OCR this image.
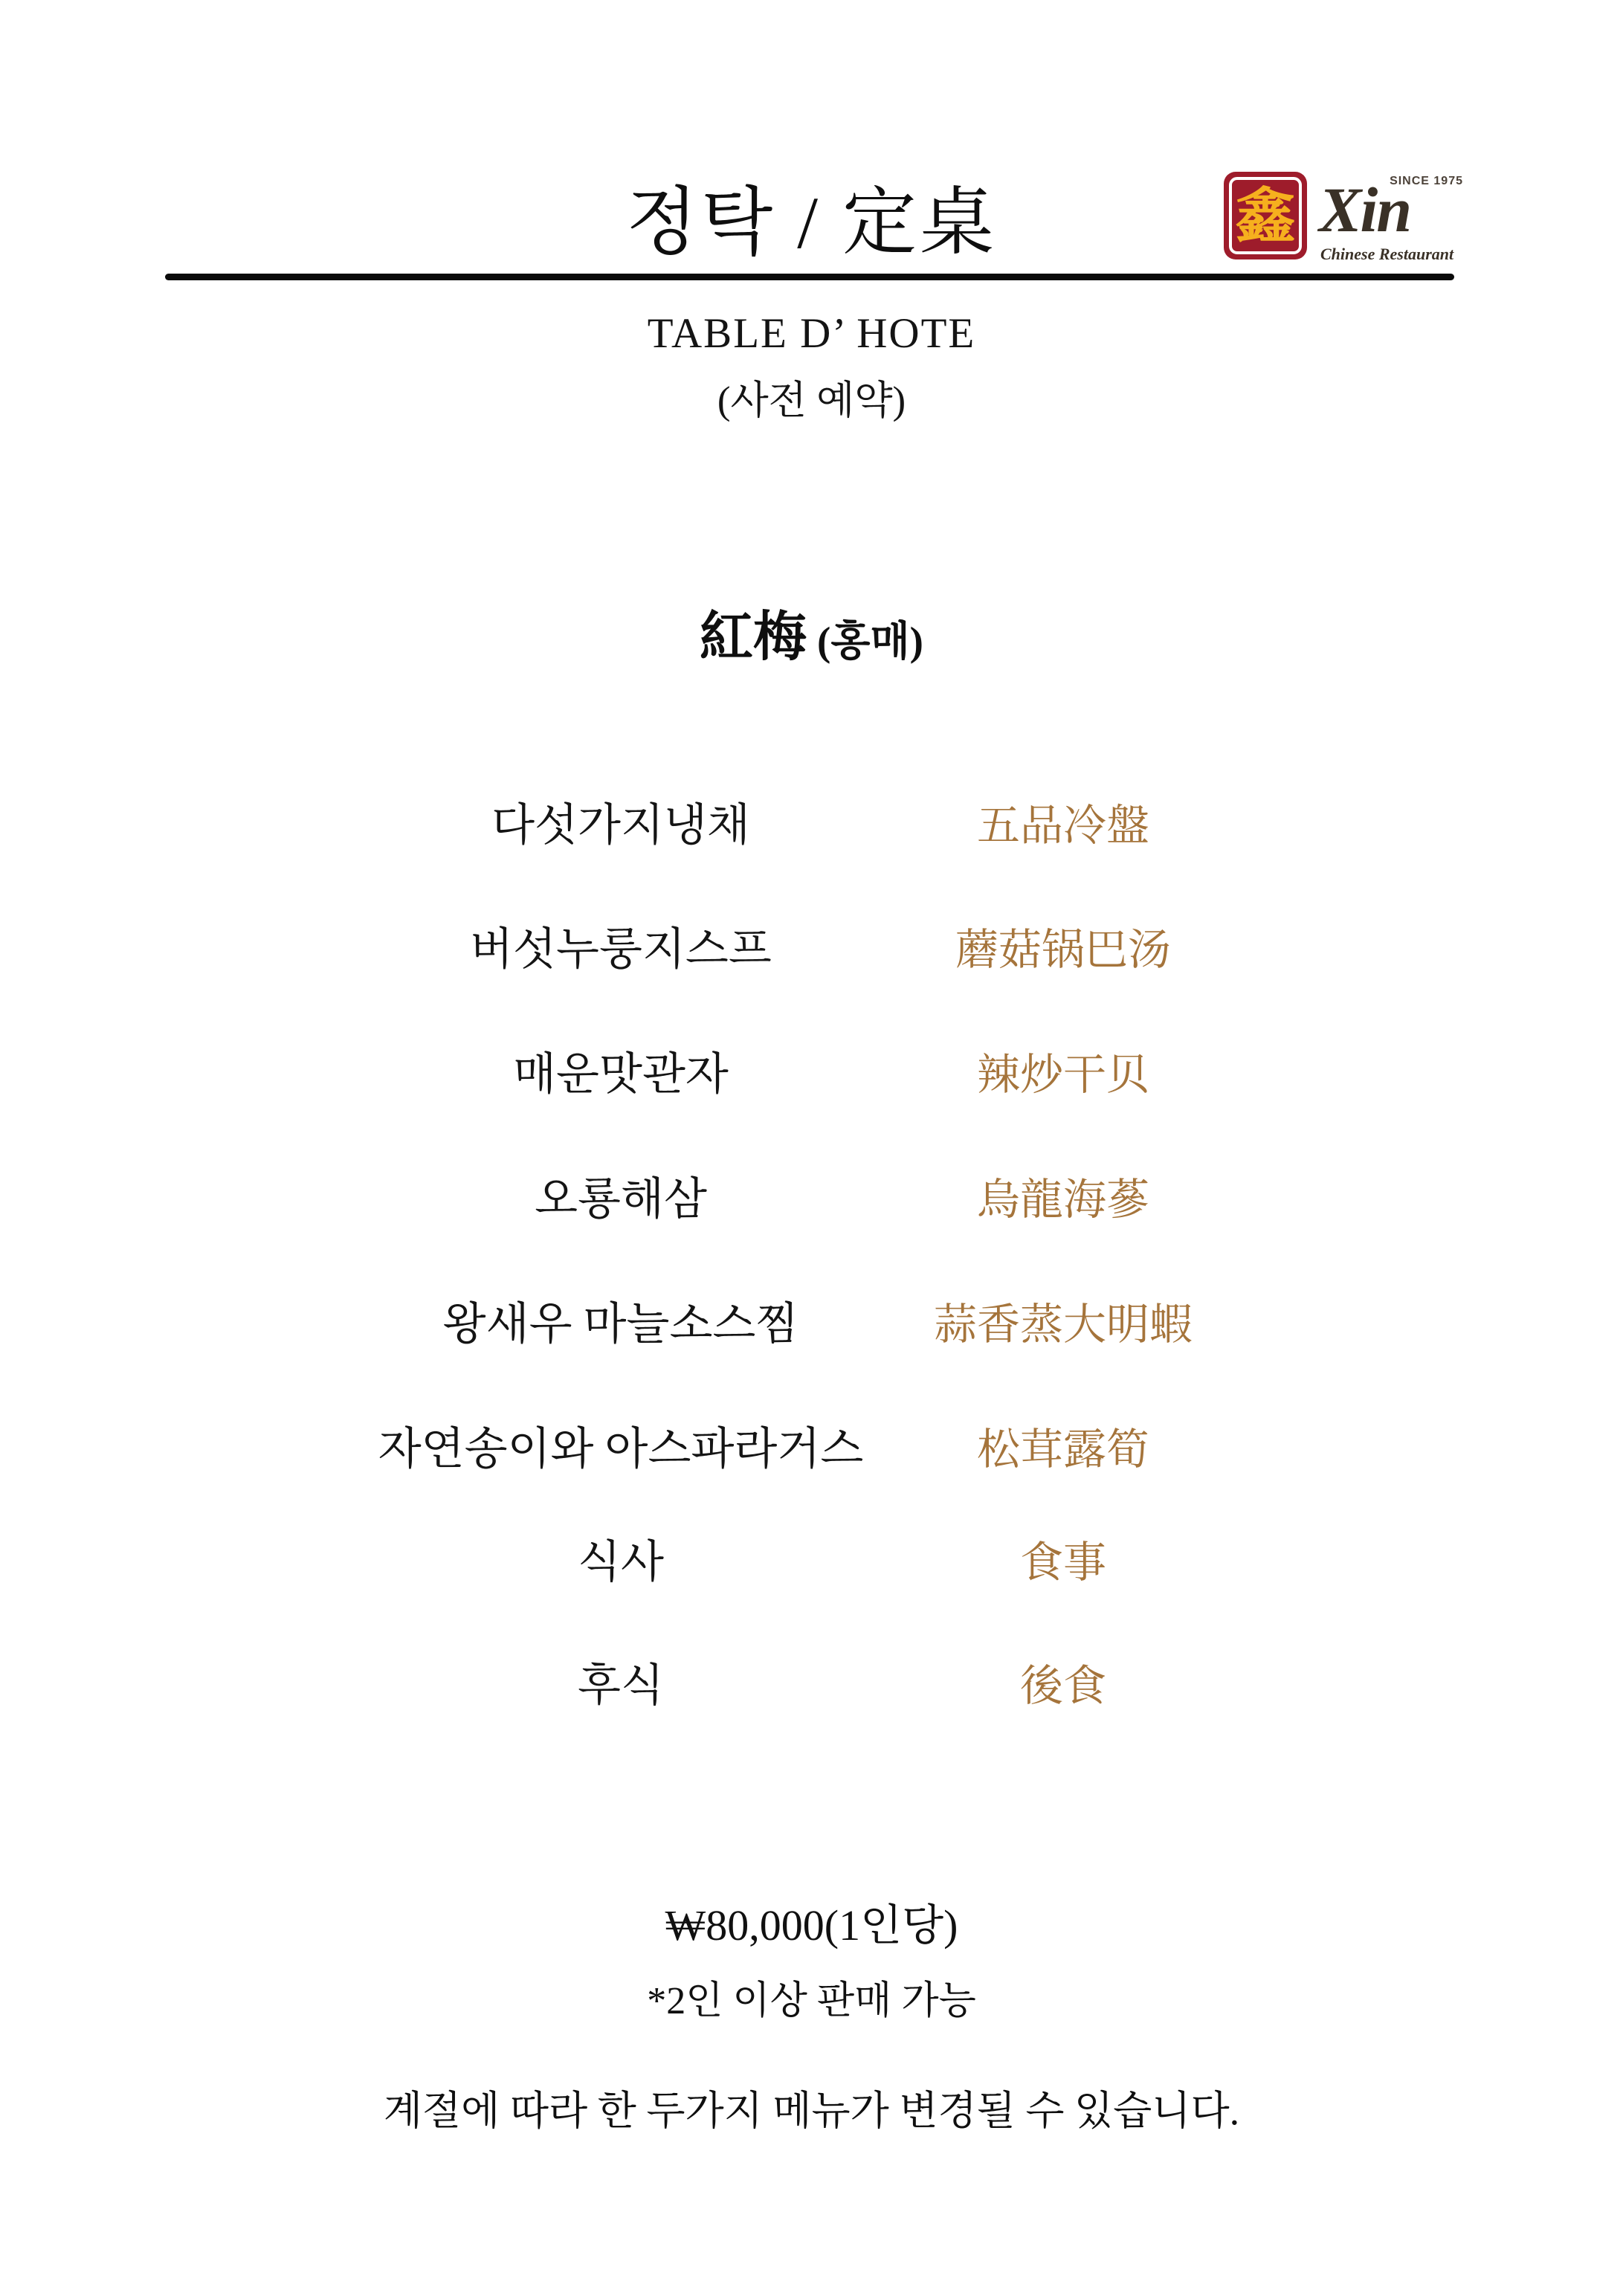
정탁 / 定桌	鑫
SINCE 1975
Xin
Chinese Restaurant
TABLE D’ HOTE
(사전 예약)
紅梅 (홍매)
다섯가지냉채	五品冷盤
버섯누룽지스프	蘑菇锅巴汤
매운맛관자	辣炒干贝
오룡해삼	烏龍海蔘
왕새우 마늘소스찜	蒜香蒸大明蝦
자연송이와 아스파라거스	松茸露筍
식사	食事
후식	後食
₩80,000(1인당)
*2인 이상 판매 가능
계절에 따라 한 두가지 메뉴가 변경될 수 있습니다.
